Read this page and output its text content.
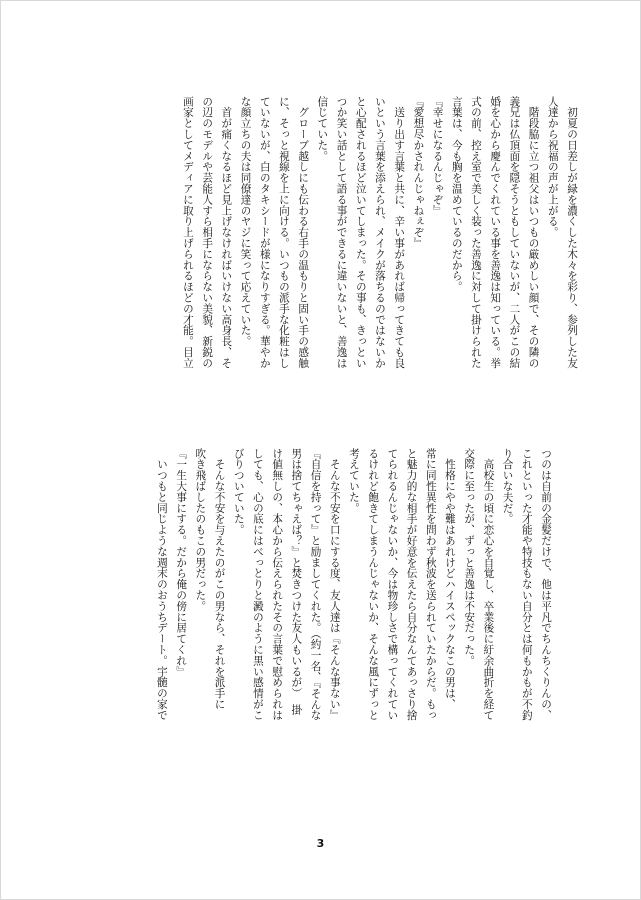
　初夏の日差しが緑を濃くした木々を彩り、参列した友
人達から祝福の声が上がる。
　階段脇に立つ祖父はいつもの厳めしい顔で、その隣の
義兄は仏頂面を隠そうともしていないが、二人がこの結
婚を心から慶んでくれている事を善逸は知っている。挙
式の前、控え室で美しく装った善逸に対して掛けられた
言葉は、今も胸を温めているのだから。
『幸せになるんじゃぞ』
『愛想尽かされんじゃねぇぞ』
　送り出す言葉と共に、辛い事があれば帰ってきても良
いという言葉を添えられ、メイクが落ちるのではないか
と心配されるほど泣いてしまった。その事も、きっとい
つか笑い話として語る事ができるに違いないと、善逸は
信じていた。
　グローブ越しにも伝わる右手の温もりと固い手の感触
に、そっと視線を上に向ける。いつもの派手な化粧はし
ていないが、白のタキシードが様になりすぎる。華やか
な顔立ちの夫は同僚達のヤジに笑って応えていた。
　首が痛くなるほど見上げなければいけない高身長、そ
の辺のモデルや芸能人すら相手にならない美貌、新鋭の
画家としてメディアに取り上げられるほどの才能。目立
つのは自前の金髪だけで、他は平凡でちんちくりんの、
これといった才能や特技もない自分とは何もかもが不釣
り合いな夫だ。
　高校生の頃に恋心を自覚し、卒業後に紆余曲折を経て
交際に至ったが、ずっと善逸は不安だった。
　性格にやや難はあれけどハイスペックなこの男は、
常に同性異性を問わず秋波を送られていたからだ。もっ
と魅力的な相手が好意を伝えたら自分なんてあっさり捨
てられるんじゃないか、今は物珍しさで構ってくれてい
るけれど飽きてしまうんじゃないか、そんな風にずっと
考えていた。
　そんな不安を口にする度、友人達は『そんな事ない』
『自信を持って』と励ましてくれた。（約一名、『そんな
男は捨てちゃえば？』と焚きつけた友人もいるが）　掛
け値無しの、本心から伝えられたその言葉で慰められは
しても、心の底にはべっとりと澱のように黒い感情がこ
びりついていた。
　そんな不安を与えたのがこの男なら、それを派手に
吹き飛ばしたのもこの男だった。
『一生大事にする。だから俺の傍に居てくれ』
　いつもと同じような週末のおうちデート。宇髄の家で
3
